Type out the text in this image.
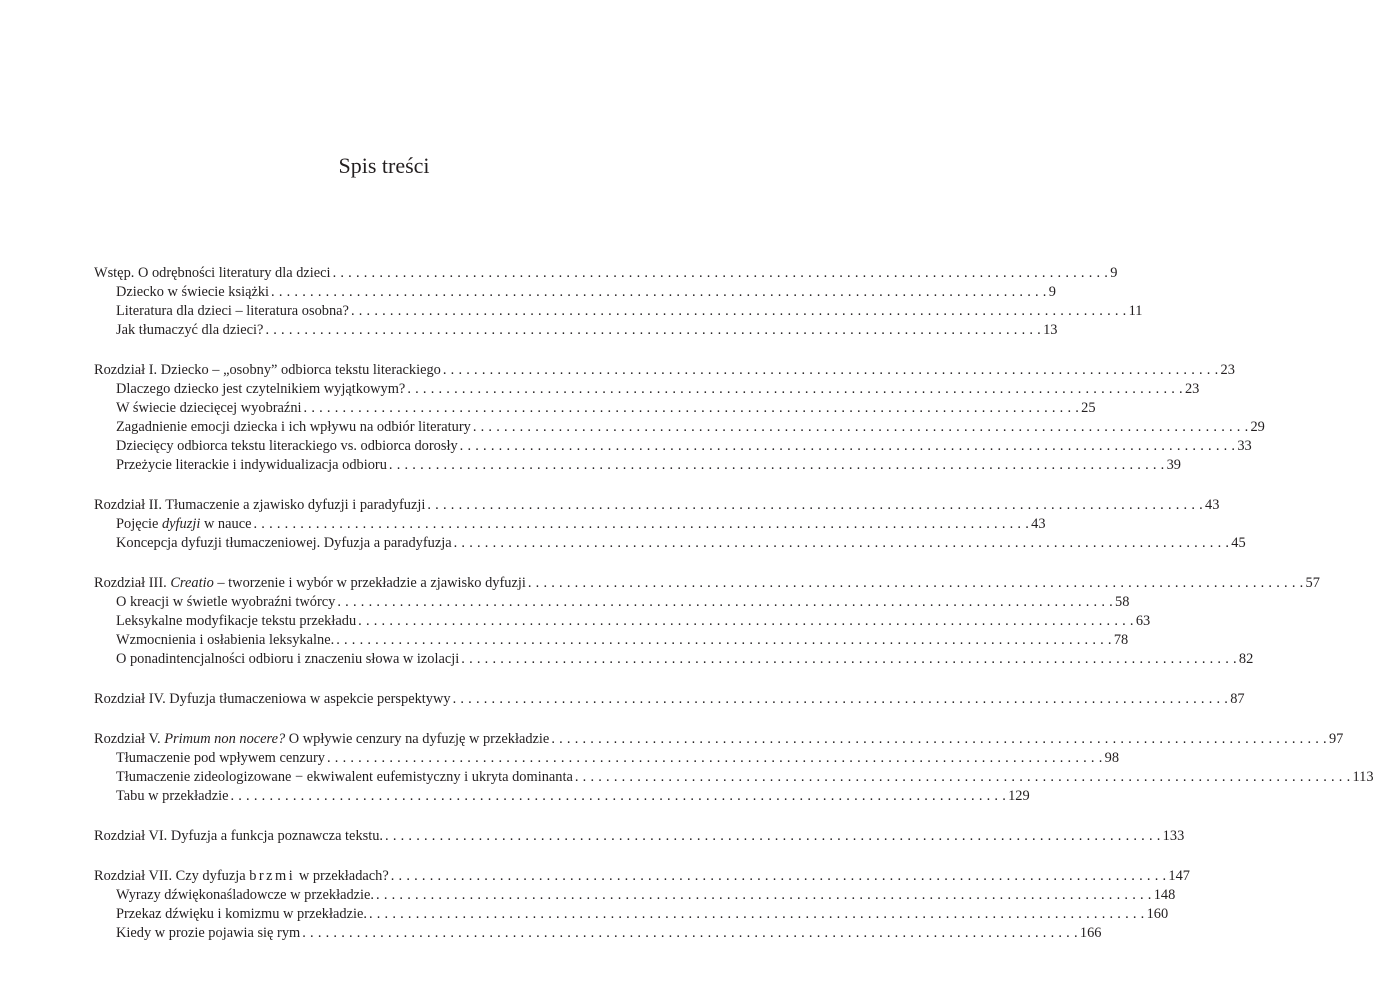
Spis treści
Wstęp. O odrębności literatury dla dzieci . . .	9
Dziecko w świecie książki . . .	9
Literatura dla dzieci – literatura osobna? . . .	11
Jak tłumaczyć dla dzieci? . . .	13
Rozdział I. Dziecko – „osobny” odbiorca tekstu literackiego . . .	23
Dlaczego dziecko jest czytelnikiem wyjątkowym? . . .	23
W świecie dziecięcej wyobraźni . . .	25
Zagadnienie emocji dziecka i ich wpływu na odbiór literatury . . .	29
Dziecięcy odbiorca tekstu literackiego vs. odbiorca dorosły . . .	33
Przeżycie literackie i indywidualizacja odbioru . . .	39
Rozdział II. Tłumaczenie a zjawisko dyfuzji i paradyfuzji . . .	43
Pojęcie dyfuzji w nauce . . .	43
Koncepcja dyfuzji tłumaczeniowej. Dyfuzja a paradyfuzja . . .	45
Rozdział III. Creatio – tworzenie i wybór w przekładzie a zjawisko dyfuzji . . .	57
O kreacji w świetle wyobraźni twórcy . . .	58
Leksykalne modyfikacje tekstu przekładu . . .	63
Wzmocnienia i osłabienia leksykalne. . . .	78
O ponadintencjalności odbioru i znaczeniu słowa w izolacji . . .	82
Rozdział IV. Dyfuzja tłumaczeniowa w aspekcie perspektywy . . .	87
Rozdział V. Primum non nocere? O wpływie cenzury na dyfuzję w przekładzie . . .	97
Tłumaczenie pod wpływem cenzury . . .	98
Tłumaczenie zideologizowane − ekwiwalent eufemistyczny i ukryta dominanta . . .	113
Tabu w przekładzie . . .	129
Rozdział VI. Dyfuzja a funkcja poznawcza tekstu. . . .	133
Rozdział VII. Czy dyfuzja brzmi w przekładach? . . .	147
Wyrazy dźwiękonaśladowcze w przekładzie. . . .	148
Przekaz dźwięku i komizmu w przekładzie. . . .	160
Kiedy w prozie pojawia się rym . . .	166
